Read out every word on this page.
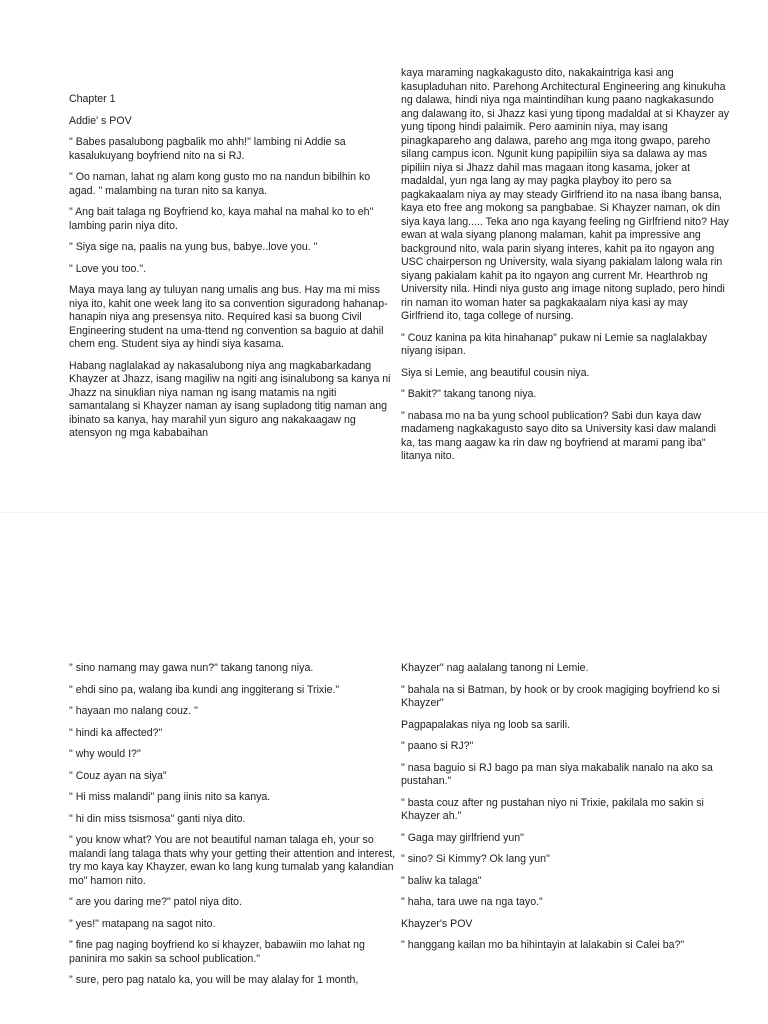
Chapter 1

Addie' s POV

" Babes pasalubong pagbalik mo ahh!" lambing ni Addie sa kasalukuyang boyfriend nito na si RJ.

" Oo naman, lahat ng alam kong gusto mo na nandun bibilhin ko agad. " malambing na turan nito sa kanya.

" Ang bait talaga ng Boyfriend ko, kaya mahal na mahal ko to eh" lambing parin niya dito.

" Siya sige na, paalis na yung bus, babye..love you. "

" Love you too.".

Maya maya lang ay tuluyan nang umalis ang bus. Hay ma mi miss niya ito, kahit one week lang ito sa convention siguradong hahanap- hanapin niya ang presensya nito. Required kasi sa buong Civil Engineering student na uma-ttend ng convention sa baguio at dahil chem eng. Student siya ay hindi siya kasama.

Habang naglalakad ay nakasalubong niya ang magkabarkadang Khayzer at Jhazz, isang magiliw na ngiti ang isinalubong sa kanya ni Jhazz na sinuklian niya naman ng isang matamis na ngiti samantalang si Khayzer naman ay isang supladong titig naman ang ibinato sa kanya, hay marahil yun siguro ang nakakaagaw ng atensyon ng mga kababaihan

kaya maraming nagkakagusto dito, nakakaintriga kasi ang kasupladuhan nito. Parehong Architectural Engineering ang kinukuha ng dalawa, hindi niya nga maintindihan kung paano nagkakasundo ang dalawang ito, si Jhazz kasi yung tipong madaldal at si Khayzer ay yung tipong hindi palaimik. Pero aaminin niya, may isang pinagkapareho ang dalawa, pareho ang mga itong gwapo, pareho silang campus icon. Ngunit kung papipiliin siya sa dalawa ay mas pipiliin niya si Jhazz dahil mas magaan itong kasama, joker at madaldal, yun nga lang ay may pagka playboy ito pero sa pagkakaalam niya ay may steady Girlfriend ito na nasa ibang bansa, kaya eto free ang mokong sa pangbabae. Si Khayzer naman, ok din siya kaya lang..... Teka ano nga kayang feeling ng Girlfriend nito? Hay ewan at wala siyang planong malaman, kahit pa impressive ang background nito, wala parin siyang interes, kahit pa ito ngayon ang USC chairperson ng University, wala siyang pakialam lalong wala rin siyang pakialam kahit pa ito ngayon ang current Mr. Hearthrob ng University nila. Hindi niya gusto ang image nitong suplado, pero hindi rin naman ito woman hater sa pagkakaalam niya kasi ay may Girlfriend ito, taga college of nursing.

" Couz kanina pa kita hinahanap" pukaw ni Lemie sa naglalakbay niyang isipan.

Siya si Lemie, ang beautiful cousin niya.

" Bakit?" takang tanong niya.

" nabasa mo na ba yung school publication? Sabi dun kaya daw madameng nagkakagusto sayo dito sa University kasi daw malandi ka, tas mang aagaw ka rin daw ng boyfriend at marami pang iba" litanya nito.

" sino namang may gawa nun?" takang tanong niya.

" ehdi sino pa, walang iba kundi ang inggiterang si Trixie."

" hayaan mo nalang couz. "

" hindi ka affected?"

" why would I?"

" Couz ayan na siya"

" Hi miss malandi" pang iinis nito sa kanya.

" hi din miss tsismosa" ganti niya dito.

" you know what? You are not beautiful naman talaga eh, your so malandi lang talaga thats why your getting their attention and interest, try mo kaya kay Khayzer, ewan ko lang kung tumalab yang kalandian mo" hamon nito.

" are you daring me?" patol niya dito.

" yes!" matapang na sagot nito.

" fine pag naging boyfriend ko si khayzer, babawiin mo lahat ng paninira mo sakin sa school publication."

" sure, pero pag natalo ka, you will be may alalay for 1 month,

Khayzer" nag aalalang tanong ni Lemie.

" bahala na si Batman, by hook or by crook magiging boyfriend ko si Khayzer"

Pagpapalakas niya ng loob sa sarili.

" paano si RJ?"

" nasa baguio si RJ bago pa man siya makabalik nanalo na ako sa pustahan."

" basta couz after ng pustahan niyo ni Trixie, pakilala mo sakin si Khayzer ah."

" Gaga may girlfriend yun"

" sino? Si Kimmy? Ok lang yun"

" baliw ka talaga"

" haha, tara uwe na nga tayo."

Khayzer's POV

" hanggang kailan mo ba hihintayin at lalakabin si Calei ba?"
